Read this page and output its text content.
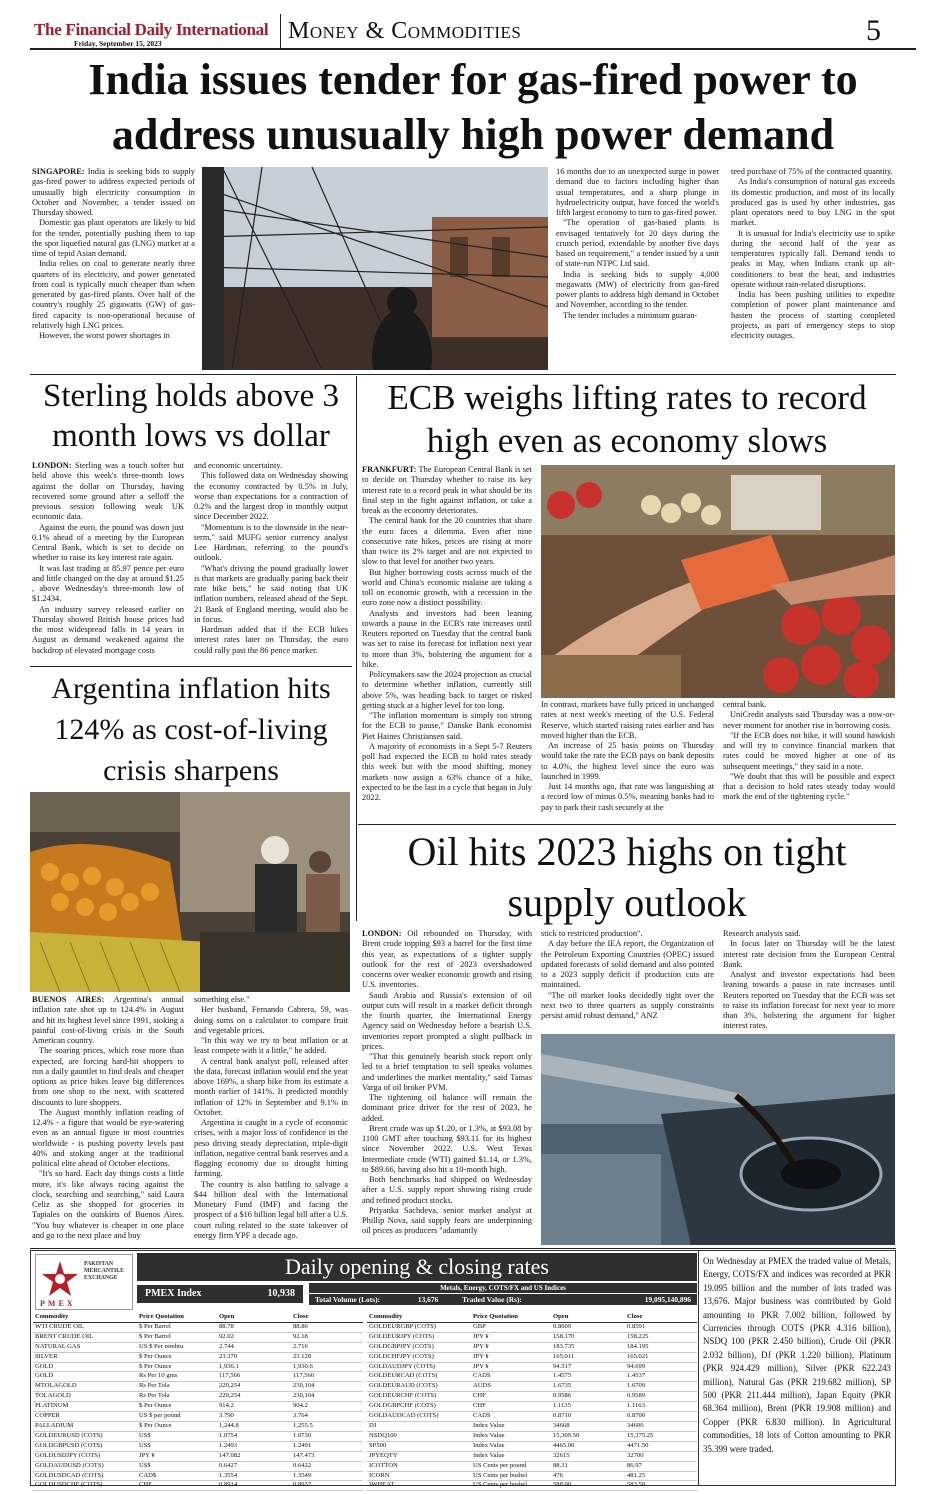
The Financial Daily International
Friday, September 15, 2023	Money & Commodities	5
India issues tender for gas-fired power to address unusually high power demand

SINGAPORE: India is seeking bids to supply gas-fired power to address expected periods of unusually high electricity consumption in October and November, a tender issued on Thursday showed.

Domestic gas plant operators are likely to bid for the tender, potentially pushing them to tap the spot liquefied natural gas (LNG) market at a time of tepid Asian demand.

India relies on coal to generate nearly three quarters of its electricity, and power generated from coal is typically much cheaper than when generated by gas-fired plants. Over half of the country's roughly 25 gigawatts (GW) of gas-fired capacity is non-operational because of relatively high LNG prices.

However, the worst power shortages in

16 months due to an unexpected surge in power demand due to factors including higher than usual temperatures, and a sharp plunge in hydroelectricity output, have forced the world's fifth largest economy to turn to gas-fired power.

"The operation of gas-based plants is envisaged tentatively for 20 days during the crunch period, extendable by another five days based on requirement," a tender issued by a unit of state-run NTPC Ltd said.

India is seeking bids to supply 4,000 megawatts (MW) of electricity from gas-fired power plants to address high demand in October and November, according to the tender.

The tender includes a minimum guaran-

teed purchase of 75% of the contracted quantity.

As India's consumption of natural gas exceeds its domestic production, and most of its locally produced gas is used by other industries, gas plant operators need to buy LNG in the spot market.

It is unusual for India's electricity use to spike during the second half of the year as temperatures typically fall. Demand tends to peaks in May, when Indians crank up air-conditioners to beat the heat, and industries operate without rain-related disruptions.

India has been pushing utilities to expedite completion of power plant maintenance and hasten the process of starting completed projects, as part of emergency steps to stop electricity outages.

Sterling holds above 3 month lows vs dollar

LONDON: Sterling was a touch softer but held above this week's three-month lows against the dollar on Thursday, having recovered some ground after a selloff the previous session following weak UK economic data.

Against the euro, the pound was down just 0.1% ahead of a meeting by the European Central Bank, which is set to decide on whether to raise its key interest rate again.

It was last trading at 85.97 pence per euro and little changed on the day at around $1.25 , above Wednesday's three-month low of $1.2434.

An industry survey released earlier on Thursday showed British house prices had the most widespread falls in 14 years in August as demand weakened against the backdrop of elevated mortgage costs

and economic uncertainty.

This followed data on Wednesday showing the economy contracted by 0.5% in July, worse than expectations for a contraction of 0.2% and the largest drop in monthly output since December 2022.

"Momentum is to the downside in the near-term," said MUFG senior currency analyst Lee Hardman, referring to the pound's outlook.

"What's driving the pound gradually lower is that markets are gradually paring back their rate hike bets," he said noting that UK inflation numbers, released ahead of the Sept. 21 Bank of England meeting, would also be in focus.

Hardman added that if the ECB hikes interest rates later on Thursday, the euro could rally past the 86 pence marker.

Argentina inflation hits 124% as cost-of-living crisis sharpens

BUENOS AIRES: Argentina's annual inflation rate shot up to 124.4% in August and hit its highest level since 1991, stoking a painful cost-of-living crisis in the South American country.

The soaring prices, which rose more than expected, are forcing hard-hit shoppers to run a daily gauntlet to find deals and cheaper options as price hikes leave big differences from one shop to the next, with scattered discounts to lure shoppers.

The August monthly inflation reading of 12.4% - a figure that would be eye-watering even as an annual figure in most countries worldwide - is pushing poverty levels past 40% and stoking anger at the traditional political elite ahead of October elections.

"It's so hard. Each day things costs a little more, it's like always racing against the clock, searching and searching," said Laura Celiz as she shopped for groceries in Tapiales on the outskirts of Buenos Aires. "You buy whatever is cheaper in one place and go to the next place and buy

something else."

Her husband, Fernando Cabrera, 59, was doing sums on a calculator to compare fruit and vegetable prices.

"In this way we try to beat inflation or at least compete with it a little," he added.

A central bank analyst poll, released after the data, forecast inflation would end the year above 169%, a sharp hike from its estimate a month earlier of 141%. It predicted monthly inflation of 12% in September and 9.1% in October.

Argentina is caught in a cycle of economic crises, with a major loss of confidence in the peso driving steady depreciation, triple-digit inflation, negative central bank reserves and a flagging economy due to drought hitting farming.

The country is also battling to salvage a $44 billion deal with the International Monetary Fund (IMF) and facing the prospect of a $16 billion legal bill after a U.S. court ruling related to the state takeover of energy firm YPF a decade ago.

ECB weighs lifting rates to record high even as economy slows

FRANKFURT: The European Central Bank is set to decide on Thursday whether to raise its key interest rate to a record peak in what should be its final step in the fight against inflation, or take a break as the economy deteriorates.

The central bank for the 20 countries that share the euro faces a dilemma. Even after nine consecutive rate hikes, prices are rising at more than twice its 2% target and are not expected to slow to that level for another two years.

But higher borrowing costs across much of the world and China's economic malaise are taking a toll on economic growth, with a recession in the euro zone now a distinct possibility.

Analysts and investors had been leaning towards a pause in the ECB's rate increases until Reuters reported on Tuesday that the central bank was set to raise its forecast for inflation next year to more than 3%, bolstering the argument for a hike.

Policymakers saw the 2024 projection as crucial to determine whether inflation, currently still above 5%, was heading back to target or risked getting stuck at a higher level for too long.

"The inflation momentum is simply too strong for the ECB to pause," Danske Bank economist Piet Haines Christiansen said.

A majority of economists in a Sept 5-7 Reuters poll had expected the ECB to hold rates steady this week but with the mood shifting, money markets now assign a 63% chance of a hike, expected to be the last in a cycle that began in July 2022.

In contrast, markets have fully priced in unchanged rates at next week's meeting of the U.S. Federal Reserve, which started raising rates earlier and has moved higher than the ECB.

An increase of 25 basis points on Thursday would take the rate the ECB pays on bank deposits to 4.0%, the highest level since the euro was launched in 1999.

Just 14 months ago, that rate was languishing at a record low of minus 0.5%, meaning banks had to pay to park their cash securely at the

central bank.

UniCredit analysts said Thursday was a now-or-never moment for another rise in borrowing costs.

"If the ECB does not hike, it will sound hawkish and will try to convince financial markets that rates could be moved higher at one of its subsequent meetings," they said in a note.

"We doubt that this will be possible and expect that a decision to hold rates steady today would mark the end of the tightening cycle."

Oil hits 2023 highs on tight supply outlook

LONDON: Oil rebounded on Thursday, with Brent crude topping $93 a barrel for the first time this year, as expectations of a tighter supply outlook for the rest of 2023 overshadowed concerns over weaker economic growth and rising U.S. inventories.

Saudi Arabia and Russia's extension of oil output cuts will result in a market deficit through the fourth quarter, the International Energy Agency said on Wednesday before a bearish U.S. inventories report prompted a slight pullback in prices.

"That this genuinely bearish stock report only led to a brief temptation to sell speaks volumes and underlines the market mentality," said Tamas Varga of oil broker PVM.

The tightening oil balance will remain the dominant price driver for the rest of 2023, he added.

Brent crude was up $1.20, or 1.3%, at $93.08 by 1100 GMT after touching $93.11 for its highest since November 2022. U.S. West Texas Intermediate crude (WTI) gained $1.14, or 1.3%, to $89.66, having also hit a 10-month high.

Both benchmarks had shipped on Wednesday after a U.S. supply report showing rising crude and refined product stocks.

Priyanka Sachdeva, senior market analyst at Phillip Nova, said supply fears are underpinning oil prices as producers "adamantly

stick to restricted production".

A day before the IEA report, the Organization of the Petroleum Exporting Countries (OPEC) issued updated forecasts of solid demand and also pointed to a 2023 supply deficit if production cuts are maintained.

"The oil market looks decidedly tight over the next two to three quarters as supply constraints persist amid robust demand," ANZ

Research analysts said.

In focus later on Thursday will be the latest interest rate decision from the European Central Bank.

Analyst and investor expectations had been leaning towards a pause in rate increases until Reuters reported on Tuesday that the ECB was set to raise its inflation forecast for next year to more than 3%, bolstering the argument for higher interest rates.

PAKISTAN
MERCANTILE
EXCHANGE
PMEX
Daily opening & closing rates
PMEX Index	10,938	Metals, Energy, COTS/FX and US Indices
Total Volume (Lots):	13,676	Traded Value (Rs):	19,095,140,896
Commodity	Price Quotation	Open	Close
WTI CRUDE OIL	$ Per Barrel	88.78	88.86
BRENT CRUDE OIL	$ Per Barrel	92.02	92.18
NATURAL GAS	US $ Per mmbtu	2.744	2.716
SILVER	$ Per Ounce	23.370	23.128
GOLD	$ Per Ounce	1,936.1	1,930.6
GOLD	Rs Per 10 gms	117,566	117,566
MTOLAGOLD	Rs Per Tola	220,254	230,104
TOLAGOLD	Rs Per Tola	220,254	230,104
PLATINUM	$ Per Ounce	914.2	904.2
COPPER	US $ per pound	3.790	3.764
PALLADIUM	$ Per Ounce	1,244.8	1,255.5
GOLDEURUSD (COTS)	US$	1.0754	1.0730
GOLDGBPUSD (COTS)	US$	1.2493	1.2491
GOLDUSDJPY (COTS)	JPY ¥	147.082	147.473
GOLDAUDUSD (COTS)	US$	0.6427	0.6422
GOLDUSDCAD (COTS)	CAD$	1.3554	1.3549
GOLDUSDCHF (COTS)	CHF	0.8914	0.8937
Commodity	Price Quotation	Open	Close
GOLDEURGBP (COTS)	GBP	0.8609	0.8591
GOLDEURJPY (COTS)	JPY ¥	158.170	158.225
GOLDGBPJPY (COTS)	JPY ¥	183.735	184.195
GOLDCHFJPY (COTS)	JPY ¥	165.011	165.021
GOLDAUDJPY (COTS)	JPY ¥	94.517	94.699
GOLDEURCAD (COTS)	CADS	1.4575	1.4537
GOLDEURAUD (COTS)	AUDS	1.6735	1.6709
GOLDEURCHF (COTS)	CHF	0.9586	0.9589
GOLDGBPCHF (COTS)	CHF	1.1135	1.1163
GOLDAUDCAD (COTS)	CADS	0.8710	0.8700
DJ	Index Value	34668	34600
NSDQ100	Index Value	15,309.50	15,375.25
SP500	Index Value	4465.00	4471.50
JPYEQTY	Index Value	32615	32700
ICOTTON	US Cents per pound	88.31	86.97
ICORN	US Cents per bushel	476	481.25
IWHEAT	US Cents per bushel	588.00	583.50
On Wednesday at PMEX the traded value of Metals, Energy, COTS/FX and indices was recorded at PKR 19.095 billion and the number of lots traded was 13,676. Major business was contributed by Gold amounting to PKR 7.002 billion, followed by Currencies through COTS (PKR 4.316 billion), NSDQ 100 (PKR 2.450 billion), Crude Oil (PKR 2.032 billion), DJ (PKR 1.220 billion), Platinum (PKR 924.429 million), Silver (PKR 622.243 million), Natural Gas (PKR 219.682 million), SP 500 (PKR 211.444 million), Japan Equity (PKR 68.364 million), Brent (PKR 19.908 million) and Copper (PKR 6.830 million). In Agricultural commodities, 18 lots of Cotton amounting to PKR 35.399 were traded.
